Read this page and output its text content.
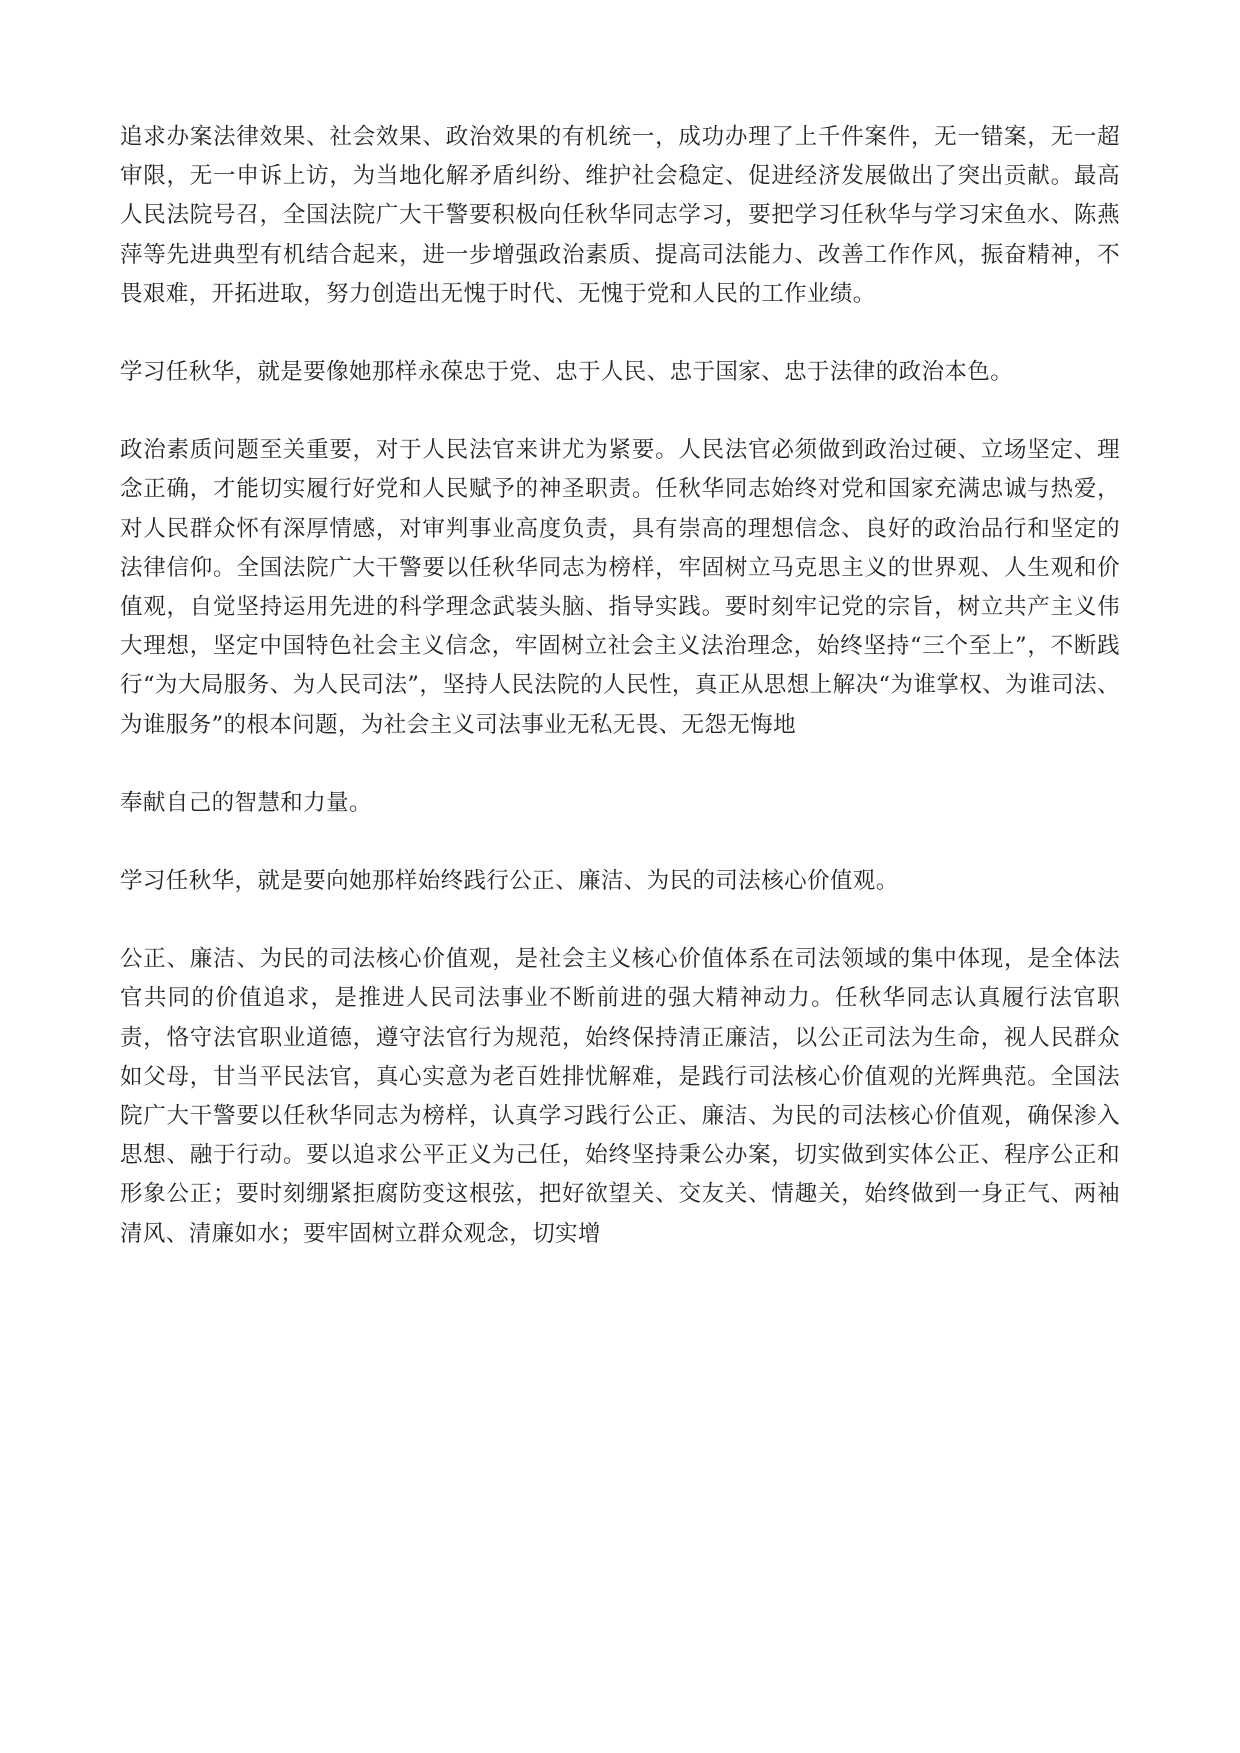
追求办案法律效果、社会效果、政治效果的有机统一，成功办理了上千件案件，无一错案，无一超审限，无一申诉上访，为当地化解矛盾纠纷、维护社会稳定、促进经济发展做出了突出贡献。最高人民法院号召，全国法院广大干警要积极向任秋华同志学习，要把学习任秋华与学习宋鱼水、陈燕萍等先进典型有机结合起来，进一步增强政治素质、提高司法能力、改善工作作风，振奋精神，不畏艰难，开拓进取，努力创造出无愧于时代、无愧于党和人民的工作业绩。

学习任秋华，就是要像她那样永葆忠于党、忠于人民、忠于国家、忠于法律的政治本色。

政治素质问题至关重要，对于人民法官来讲尤为紧要。人民法官必须做到政治过硬、立场坚定、理念正确，才能切实履行好党和人民赋予的神圣职责。任秋华同志始终对党和国家充满忠诚与热爱，对人民群众怀有深厚情感，对审判事业高度负责，具有崇高的理想信念、良好的政治品行和坚定的法律信仰。全国法院广大干警要以任秋华同志为榜样，牢固树立马克思主义的世界观、人生观和价值观，自觉坚持运用先进的科学理念武装头脑、指导实践。要时刻牢记党的宗旨，树立共产主义伟大理想，坚定中国特色社会主义信念，牢固树立社会主义法治理念，始终坚持“三个至上”，不断践行“为大局服务、为人民司法”，坚持人民法院的人民性，真正从思想上解决“为谁掌权、为谁司法、为谁服务”的根本问题，为社会主义司法事业无私无畏、无怨无悔地

奉献自己的智慧和力量。

学习任秋华，就是要向她那样始终践行公正、廉洁、为民的司法核心价值观。

公正、廉洁、为民的司法核心价值观，是社会主义核心价值体系在司法领域的集中体现，是全体法官共同的价值追求，是推进人民司法事业不断前进的强大精神动力。任秋华同志认真履行法官职责，恪守法官职业道德，遵守法官行为规范，始终保持清正廉洁，以公正司法为生命，视人民群众如父母，甘当平民法官，真心实意为老百姓排忧解难，是践行司法核心价值观的光辉典范。全国法院广大干警要以任秋华同志为榜样，认真学习践行公正、廉洁、为民的司法核心价值观，确保渗入思想、融于行动。要以追求公平正义为己任，始终坚持秉公办案，切实做到实体公正、程序公正和形象公正；要时刻绷紧拒腐防变这根弦，把好欲望关、交友关、情趣关，始终做到一身正气、两袖清风、清廉如水；要牢固树立群众观念，切实增
